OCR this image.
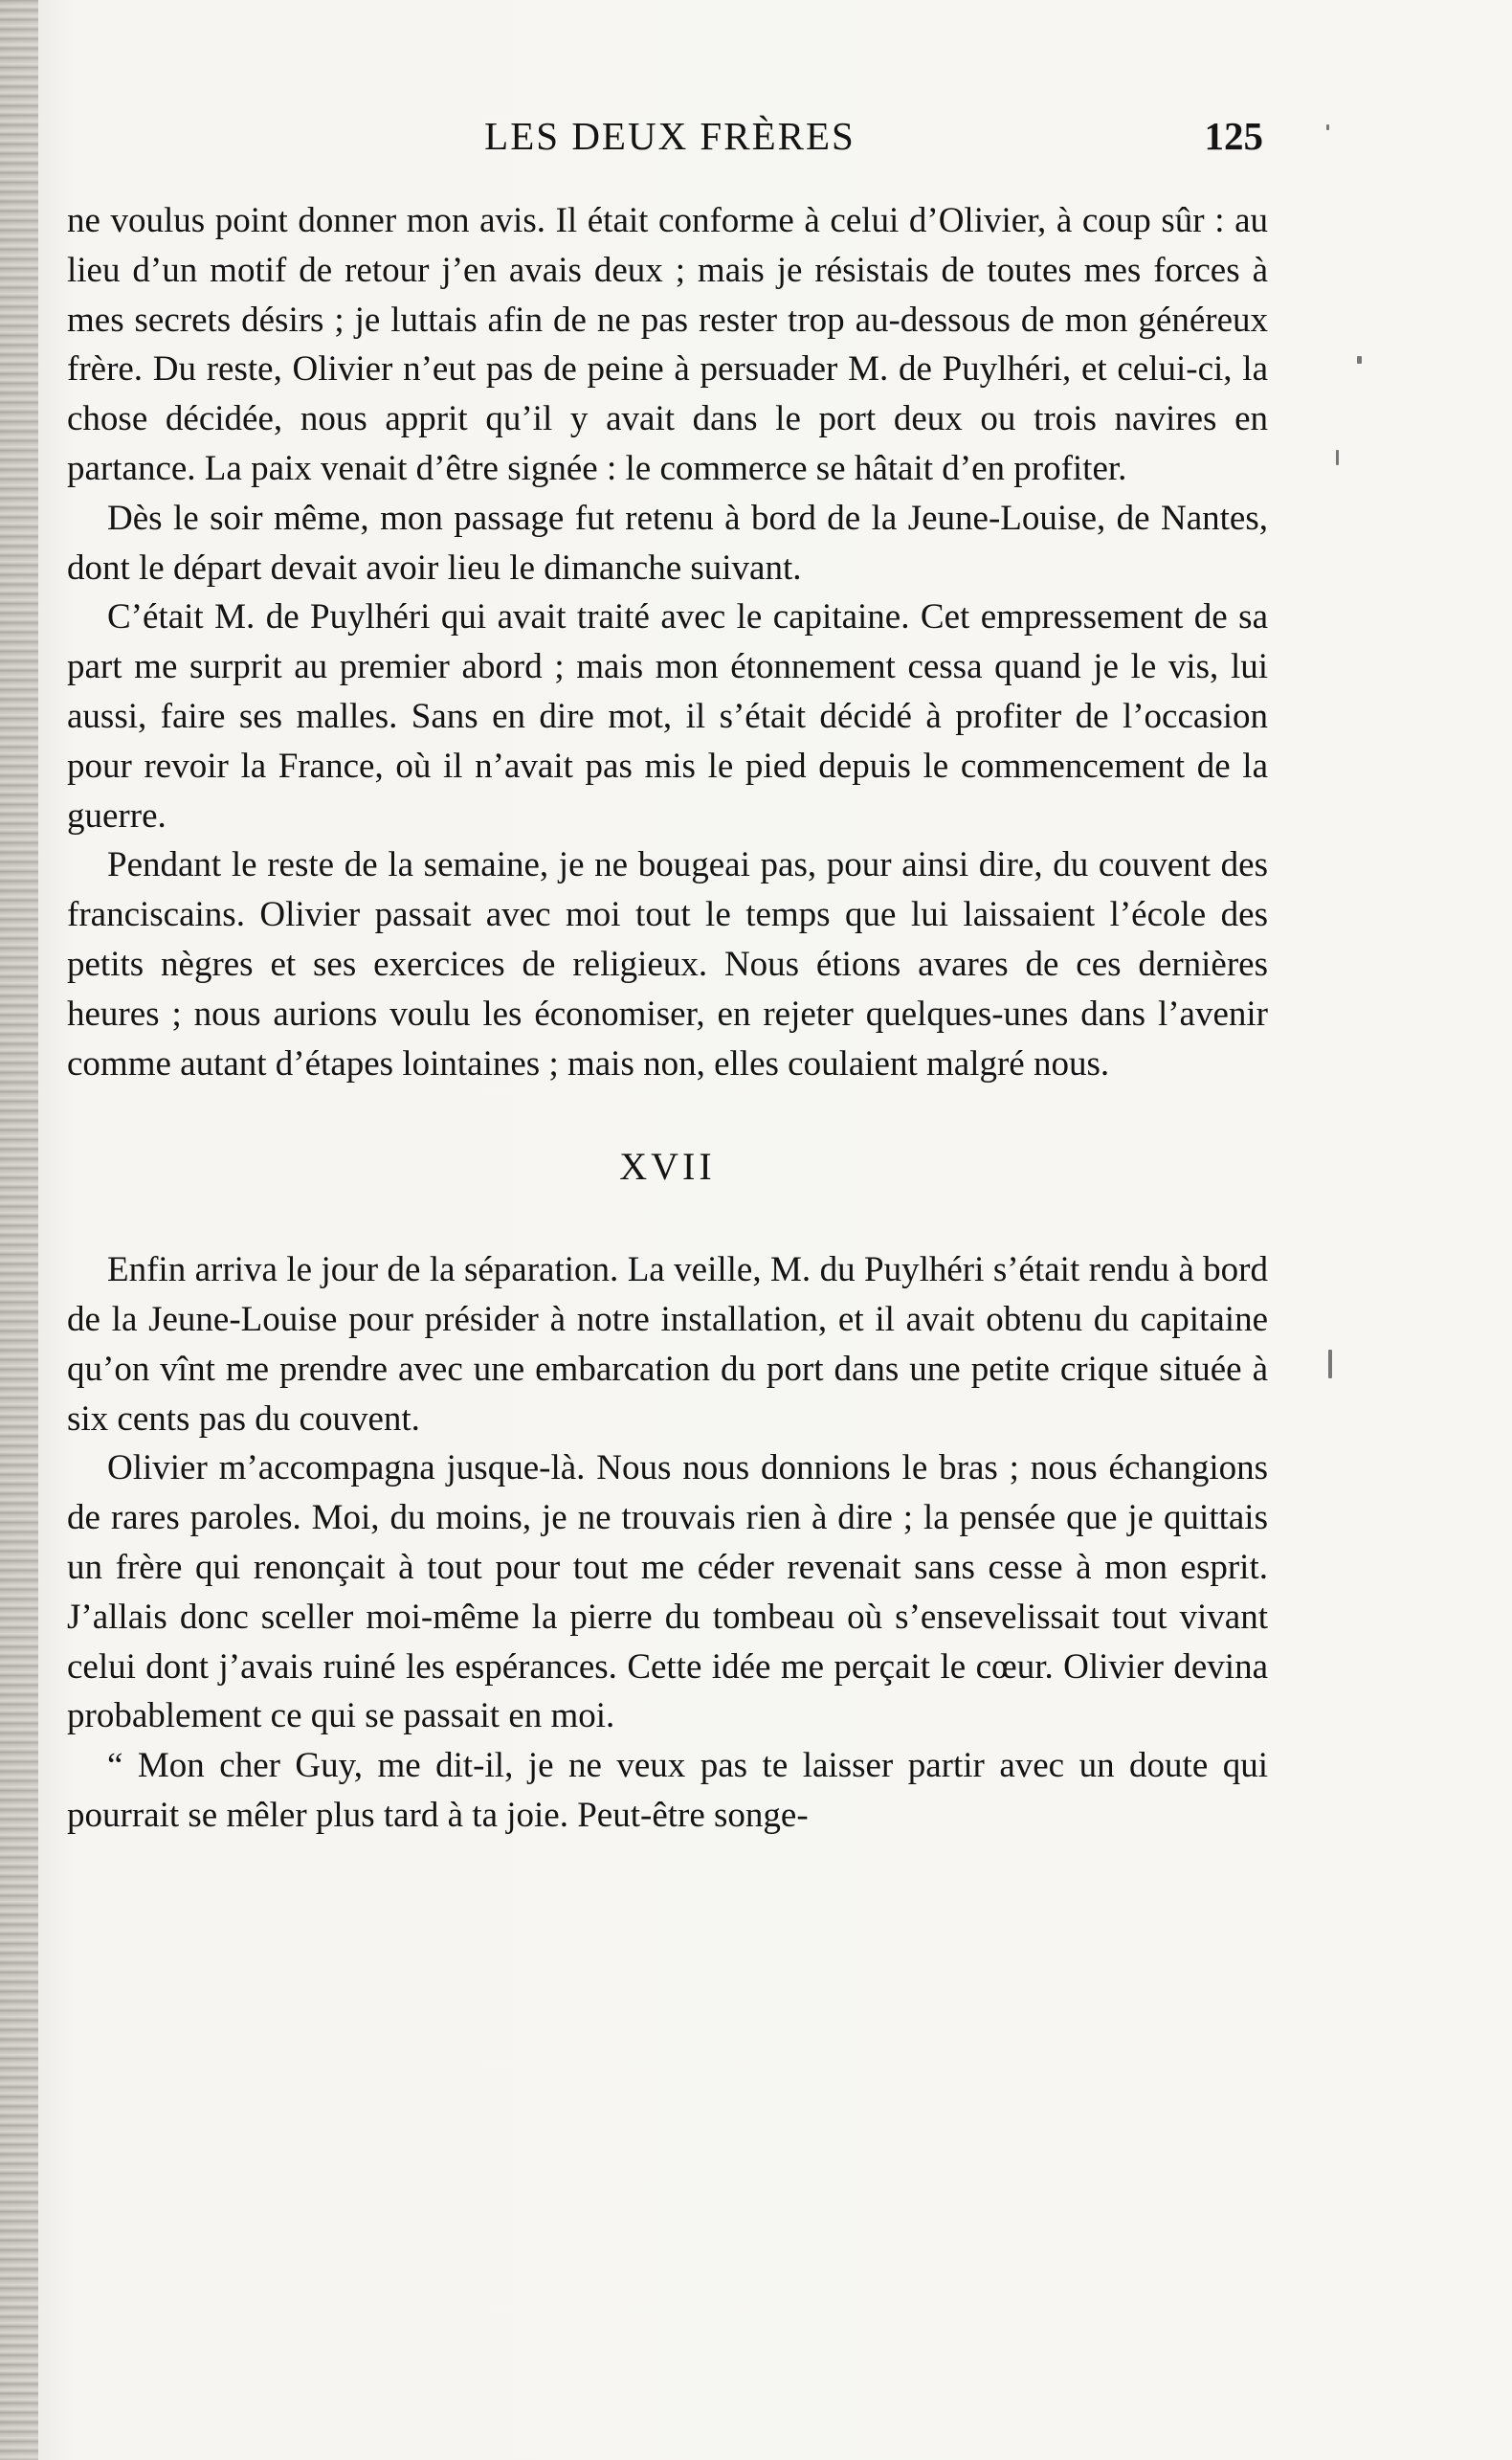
LES DEUX FRÈRES	125

ne voulus point donner mon avis. Il était conforme à celui d’Olivier, à coup sûr : au lieu d’un motif de retour j’en avais deux ; mais je résistais de toutes mes forces à mes secrets désirs ; je luttais afin de ne pas rester trop au-dessous de mon généreux frère. Du reste, Olivier n’eut pas de peine à persuader M. de Puylhéri, et celui-ci, la chose décidée, nous apprit qu’il y avait dans le port deux ou trois navires en partance. La paix venait d’être signée : le commerce se hâtait d’en profiter.

Dès le soir même, mon passage fut retenu à bord de la Jeune-Louise, de Nantes, dont le départ devait avoir lieu le dimanche suivant.

C’était M. de Puylhéri qui avait traité avec le capitaine. Cet empressement de sa part me surprit au premier abord ; mais mon étonnement cessa quand je le vis, lui aussi, faire ses malles. Sans en dire mot, il s’était décidé à profiter de l’occasion pour revoir la France, où il n’avait pas mis le pied depuis le commencement de la guerre.

Pendant le reste de la semaine, je ne bougeai pas, pour ainsi dire, du couvent des franciscains. Olivier passait avec moi tout le temps que lui laissaient l’école des petits nègres et ses exercices de religieux. Nous étions avares de ces dernières heures ; nous aurions voulu les économiser, en rejeter quelques-unes dans l’avenir comme autant d’étapes lointaines ; mais non, elles coulaient malgré nous.

XVII

Enfin arriva le jour de la séparation. La veille, M. du Puylhéri s’était rendu à bord de la Jeune-Louise pour présider à notre installation, et il avait obtenu du capitaine qu’on vînt me prendre avec une embarcation du port dans une petite crique située à six cents pas du couvent.

Olivier m’accompagna jusque-là. Nous nous donnions le bras ; nous échangions de rares paroles. Moi, du moins, je ne trouvais rien à dire ; la pensée que je quittais un frère qui renonçait à tout pour tout me céder revenait sans cesse à mon esprit. J’allais donc sceller moi-même la pierre du tombeau où s’ensevelissait tout vivant celui dont j’avais ruiné les espérances. Cette idée me perçait le cœur. Olivier devina probablement ce qui se passait en moi.

“ Mon cher Guy, me dit-il, je ne veux pas te laisser partir avec un doute qui pourrait se mêler plus tard à ta joie. Peut-être songe-
